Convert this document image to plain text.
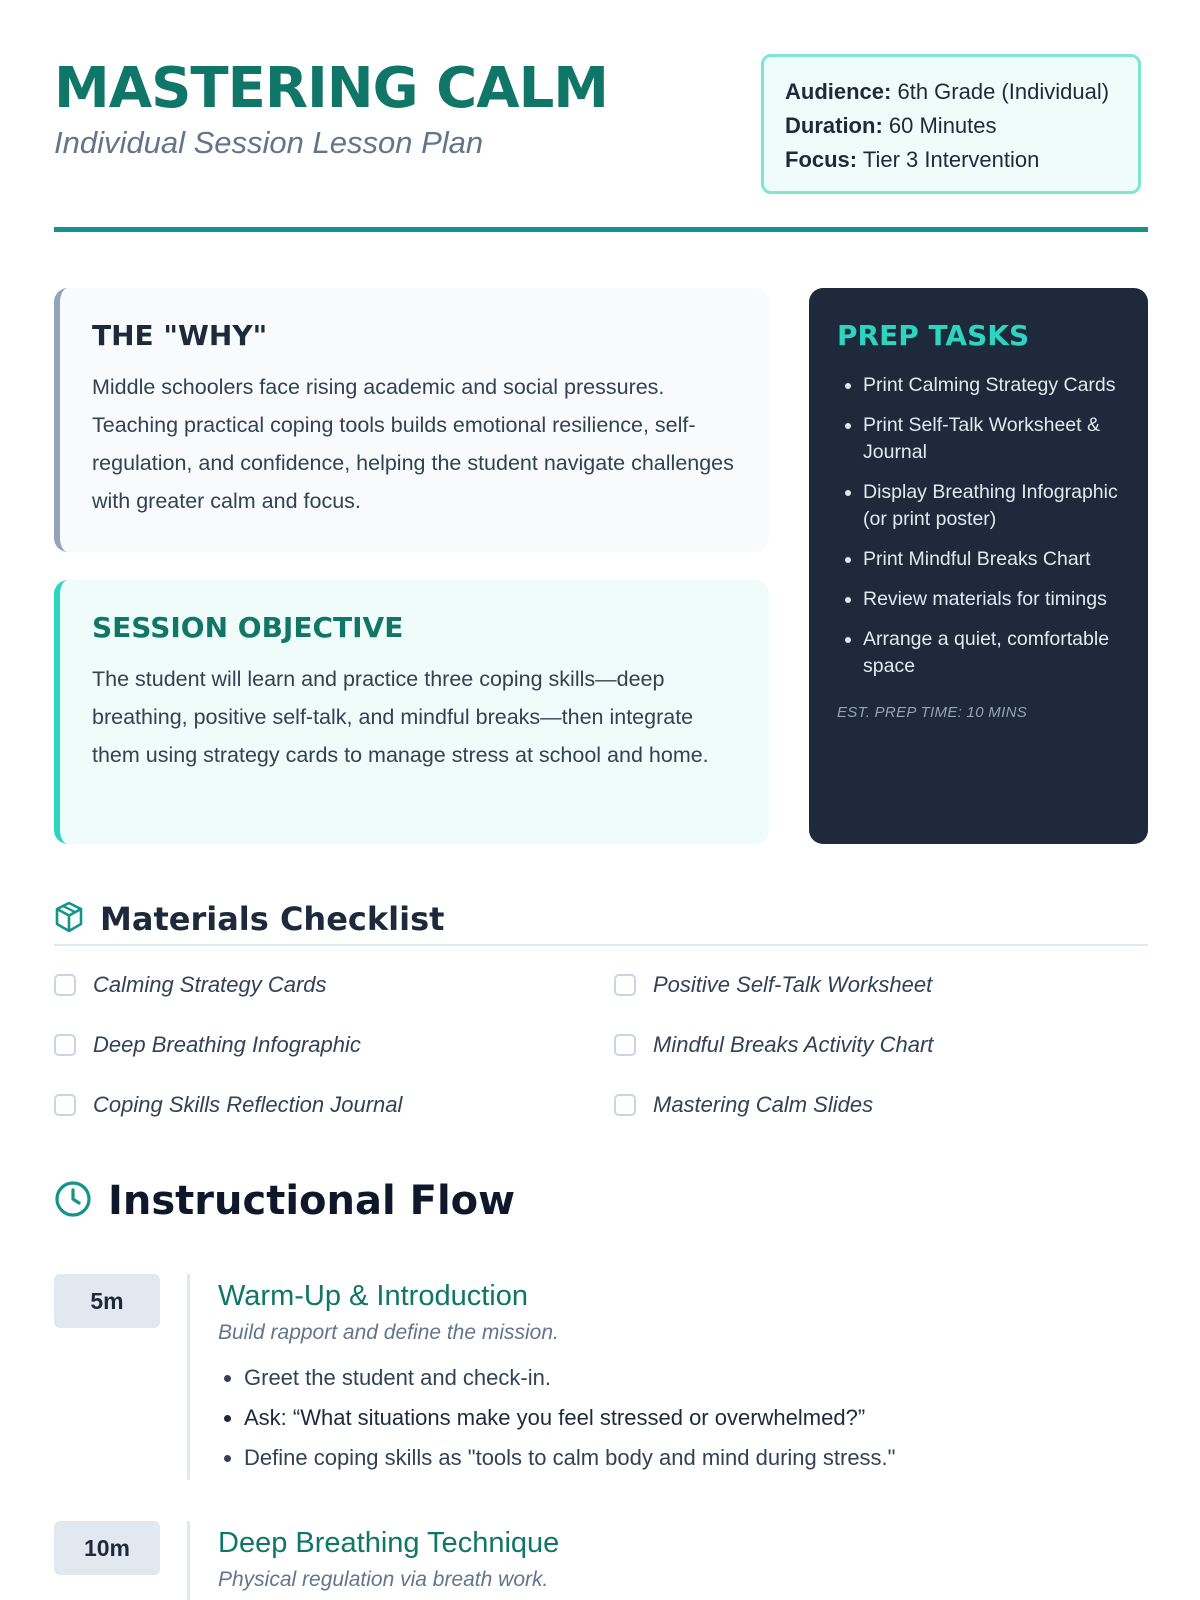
MASTERING CALM
Individual Session Lesson Plan
Audience: 6th Grade (Individual)
Duration: 60 Minutes
Focus: Tier 3 Intervention
THE "WHY"
Middle schoolers face rising academic and social pressures. Teaching practical coping tools builds emotional resilience, self-regulation, and confidence, helping the student navigate challenges with greater calm and focus.
SESSION OBJECTIVE
The student will learn and practice three coping skills—deep breathing, positive self-talk, and mindful breaks—then integrate them using strategy cards to manage stress at school and home.
PREP TASKS
• Print Calming Strategy Cards
• Print Self-Talk Worksheet & Journal
• Display Breathing Infographic (or print poster)
• Print Mindful Breaks Chart
• Review materials for timings
• Arrange a quiet, comfortable space
EST. PREP TIME: 10 MINS
Materials Checklist
Calming Strategy Cards	Positive Self-Talk Worksheet
Deep Breathing Infographic	Mindful Breaks Activity Chart
Coping Skills Reflection Journal	Mastering Calm Slides
Instructional Flow
5m	Warm-Up & Introduction
Build rapport and define the mission.
• Greet the student and check-in.
• Ask: “What situations make you feel stressed or overwhelmed?”
• Define coping skills as "tools to calm body and mind during stress."
10m	Deep Breathing Technique
Physical regulation via breath work.
